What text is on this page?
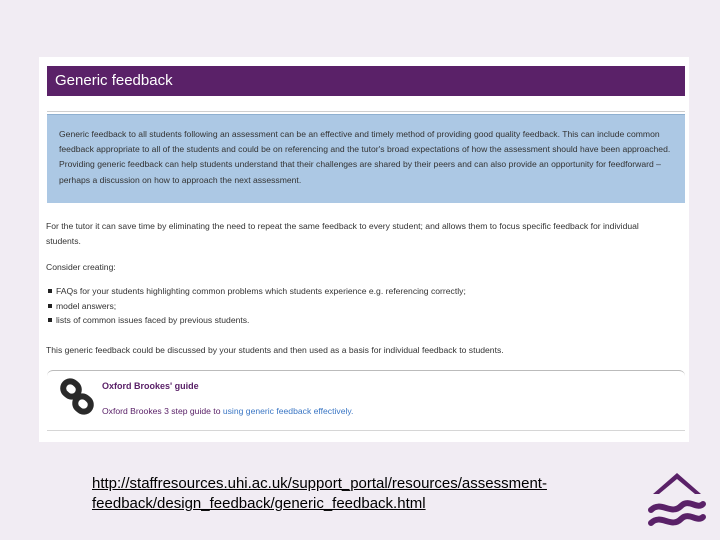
Generic feedback
Generic feedback to all students following an assessment can be an effective and timely method of providing good quality feedback. This can include common feedback appropriate to all of the students and could be on referencing and the tutor's broad expectations of how the assessment should have been approached. Providing generic feedback can help students understand that their challenges are shared by their peers and can also provide an opportunity for feedforward – perhaps a discussion on how to approach the next assessment.
For the tutor it can save time by eliminating the need to repeat the same feedback to every student; and allows them to focus specific feedback for individual students.
Consider creating:
FAQs for your students highlighting common problems which students experience e.g. referencing correctly;
model answers;
lists of common issues faced by previous students.
This generic feedback could be discussed by your students and then used as a basis for individual feedback to students.
Oxford Brookes' guide
Oxford Brookes 3 step guide to using generic feedback effectively.
http://staffresources.uhi.ac.uk/support_portal/resources/assessment-
feedback/design_feedback/generic_feedback.html
